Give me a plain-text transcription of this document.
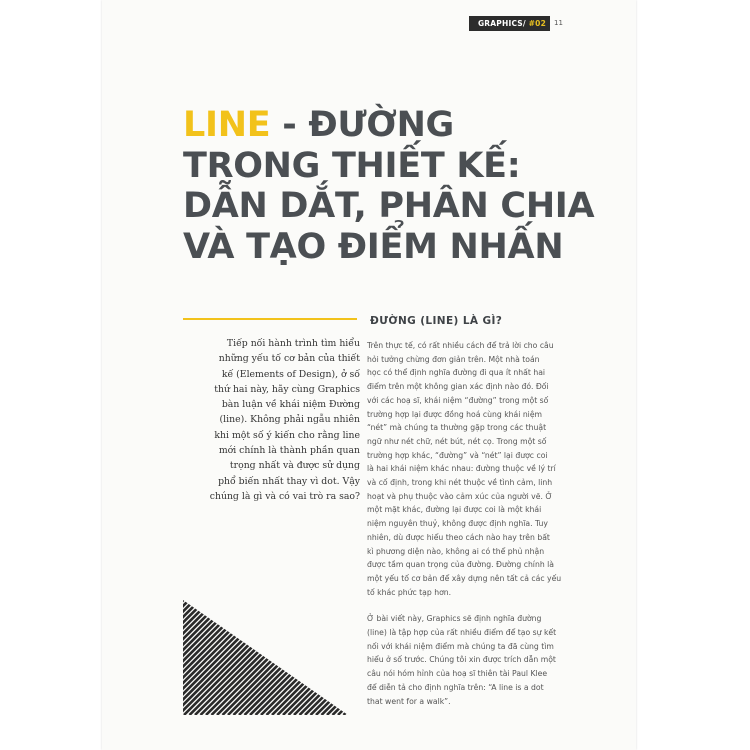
GRAPHICS/ #02	11
LINE - ĐƯỜNG
TRONG THIẾT KẾ:
DẪN DẮT, PHÂN CHIA
VÀ TẠO ĐIỂM NHẤN
Tiếp nối hành trình tìm hiểu
những yếu tố cơ bản của thiết
kế (Elements of Design), ở số
thứ hai này, hãy cùng Graphics
bàn luận về khái niệm Đường
(line). Không phải ngẫu nhiên
khi một số ý kiến cho rằng line
mới chính là thành phần quan
trọng nhất và được sử dụng
phổ biến nhất thay vì dot. Vậy
chúng là gì và có vai trò ra sao?
ĐƯỜNG (LINE) LÀ GÌ?
Trên thực tế, có rất nhiều cách để trả lời cho câu
hỏi tưởng chừng đơn giản trên. Một nhà toán
học có thể định nghĩa đường đi qua ít nhất hai
điểm trên một không gian xác định nào đó. Đối
với các hoạ sĩ, khái niệm “đường” trong một số
trường hợp lại được đồng hoá cùng khái niệm
“nét” mà chúng ta thường gặp trong các thuật
ngữ như nét chữ, nét bút, nét cọ. Trong một số
trường hợp khác, “đường” và “nét” lại được coi
là hai khái niệm khác nhau: đường thuộc về lý trí
và cố định, trong khi nét thuộc về tình cảm, linh
hoạt và phụ thuộc vào cảm xúc của người vẽ. Ở
một mặt khác, đường lại được coi là một khái
niệm nguyên thuỷ, không được định nghĩa. Tuy
nhiên, dù được hiểu theo cách nào hay trên bất
kì phương diện nào, không ai có thể phủ nhận
được tầm quan trọng của đường. Đường chính là
một yếu tố cơ bản để xây dựng nên tất cả các yếu
tố khác phức tạp hơn.
Ở bài viết này, Graphics sẽ định nghĩa đường
(line) là tập hợp của rất nhiều điểm để tạo sự kết
nối với khái niệm điểm mà chúng ta đã cùng tìm
hiểu ở số trước. Chúng tôi xin được trích dẫn một
câu nói hóm hỉnh của hoạ sĩ thiên tài Paul Klee
để diễn tả cho định nghĩa trên: “A line is a dot
that went for a walk”.
